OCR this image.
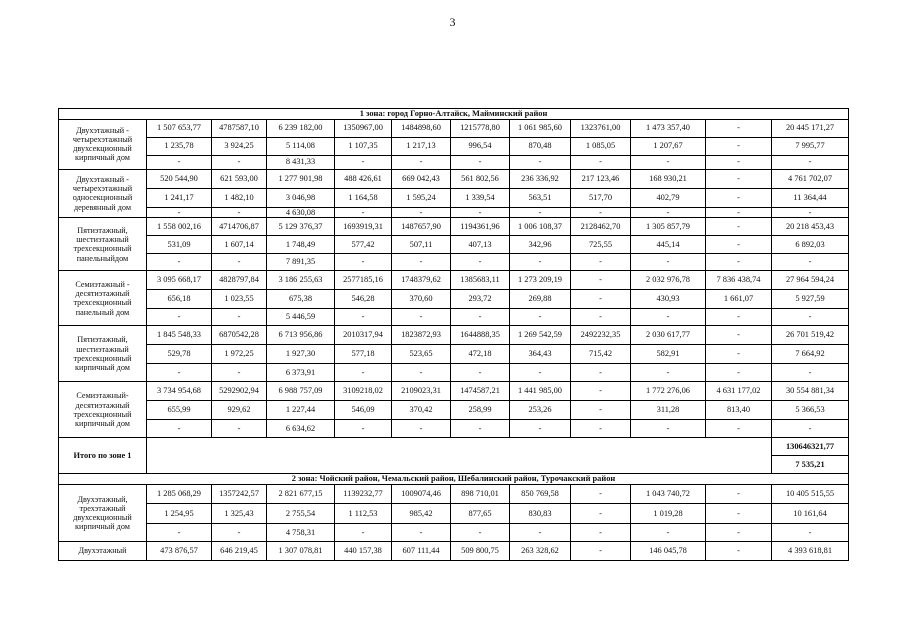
3
1 зона: город Горно-Алтайск, Майминский район											
Двухэтажный - четырехэтажный двухсекционный кирпичный дом	1 507 653,77	4787587,10	6 239 182,00	1350967,00	1484898,60	1215778,80	1 061 985,60	1323761,00	1 473 357,40	-	20 445 171,27
	1 235,78	3 924,25	5 114,08	1 107,35	1 217,13	996,54	870,48	1 085,05	1 207,67	-	7 995,77
	-	-	8 431,33	-	-	-	-	-	-	-	-
Двухэтажный - четырехэтажный односекционный деревянный дом	520 544,90	621 593,00	1 277 901,98	488 426,61	669 042,43	561 802,56	236 336,92	217 123,46	168 930,21	-	4 761 702,07
	1 241,17	1 482,10	3 046,98	1 164,58	1 595,24	1 339,54	563,51	517,70	402,79	-	11 364,44
	-	-	4 630,08	-	-	-	-	-	-	-	-
Пятиэтажный, шестиэтажный трехсекционный панельныйдом	1 558 002,16	4714706,87	5 129 376,37	1693919,31	1487657,90	1194361,96	1 006 108,37	2128462,70	1 305 857,79	-	20 218 453,43
	531,09	1 607,14	1 748,49	577,42	507,11	407,13	342,96	725,55	445,14	-	6 892,03
	-	-	7 891,35	-	-	-	-	-	-	-	-
Семиэтажный - десятиэтажный трехсекционный панельный дом	3 095 668,17	4828797,84	3 186 255,63	2577185,16	1748379,62	1385683,11	1 273 209,19	-	2 032 976,78	7 836 438,74	27 964 594,24
	656,18	1 023,55	675,38	546,28	370,60	293,72	269,88	-	430,93	1 661,07	5 927,59
	-	-	5 446,59	-	-	-	-	-	-	-	-
Пятиэтажный, шестиэтажный трехсекционный кирпичный дом	1 845 548,33	6870542,28	6 713 956,86	2010317,94	1823872,93	1644888,35	1 269 542,59	2492232,35	2 030 617,77	-	26 701 519,42
	529,78	1 972,25	1 927,30	577,18	523,65	472,18	364,43	715,42	582,91	-	7 664,92
	-	-	6 373,91	-	-	-	-	-	-	-	-
Семиэтажный-десятиэтажный трехсекционный кирпичный дом	3 734 954,68	5292902,94	6 988 757,09	3109218,02	2109023,31	1474587,21	1 441 985,00	-	1 772 276,06	4 631 177,02	30 554 881,34
	655,99	929,62	1 227,44	546,09	370,42	258,99	253,26	-	311,28	813,40	5 366,53
	-	-	6 634,62	-	-	-	-	-	-	-	-
Итого по зоне 1											130646321,77
											7 535,21
2 зона: Чойский район, Чемальский район, Шебалинский район, Турочакский район											
Двухэтажный, трехэтажный двухсекционный кирпичный дом	1 285 068,29	1357242,57	2 821 677,15	1139232,77	1009074,46	898 710,01	850 769,58	-	1 043 740,72	-	10 405 515,55
	1 254,95	1 325,43	2 755,54	1 112,53	985,42	877,65	830,83	-	1 019,28	-	10 161,64
	-	-	4 758,31	-	-	-	-	-	-	-	-
Двухэтажный	473 876,57	646 219,45	1 307 078,81	440 157,38	607 111,44	509 800,75	263 328,62	-	146 045,78	-	4 393 618,81
